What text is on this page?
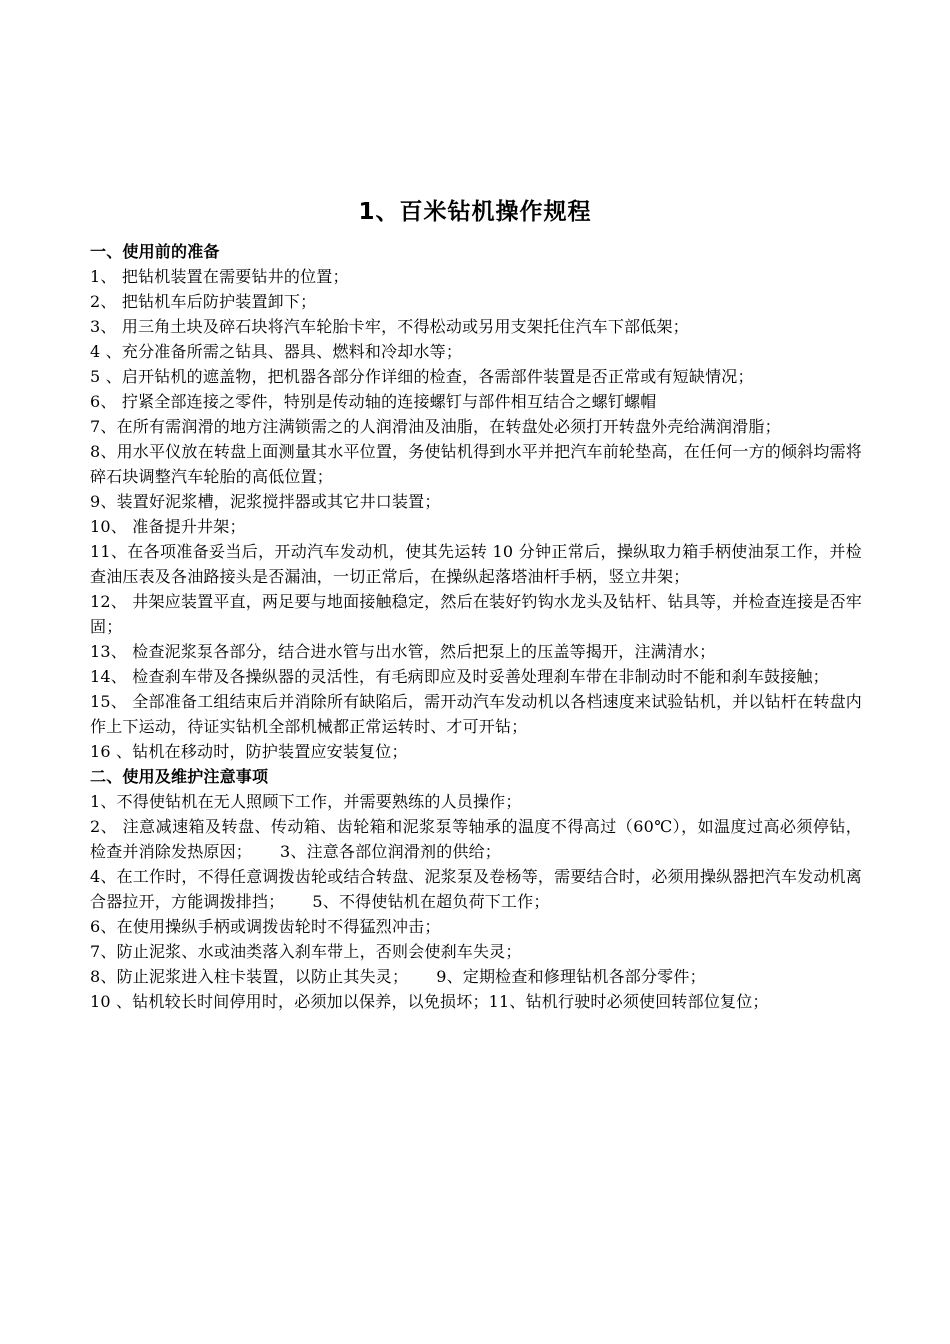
1、百米钻机操作规程

一、使用前的准备

1、 把钻机装置在需要钻井的位置；

2、 把钻机车后防护装置卸下；

3、 用三角土块及碎石块将汽车轮胎卡牢，不得松动或另用支架托住汽车下部低架；

4 、充分准备所需之钻具、器具、燃料和冷却水等；

5 、启开钻机的遮盖物，把机器各部分作详细的检查，各需部件装置是否正常或有短缺情况；

6、 拧紧全部连接之零件，特别是传动轴的连接螺钉与部件相互结合之螺钉螺帽

7、在所有需润滑的地方注满锁需之的人润滑油及油脂，在转盘处必须打开转盘外壳给满润滑脂；

8、用水平仪放在转盘上面测量其水平位置，务使钻机得到水平并把汽车前轮垫高，在任何一方的倾斜均需将碎石块调整汽车轮胎的高低位置；

9、装置好泥浆槽，泥浆搅拌器或其它井口装置；

10、 准备提升井架；

11、在各项准备妥当后，开动汽车发动机，使其先运转 10 分钟正常后，操纵取力箱手柄使油泵工作，并检查油压表及各油路接头是否漏油，一切正常后，在操纵起落塔油杆手柄，竖立井架；

12、 井架应装置平直，两足要与地面接触稳定，然后在装好钓钩水龙头及钻杆、钻具等，并检查连接是否牢固；

13、 检查泥浆泵各部分，结合进水管与出水管，然后把泵上的压盖等揭开，注满清水；

14、 检查刹车带及各操纵器的灵活性，有毛病即应及时妥善处理刹车带在非制动时不能和刹车鼓接触；

15、 全部准备工组结束后并消除所有缺陷后，需开动汽车发动机以各档速度来试验钻机，并以钻杆在转盘内作上下运动，待证实钻机全部机械都正常运转时、才可开钻；

16 、钻机在移动时，防护装置应安装复位；

二、使用及维护注意事项

1、不得使钻机在无人照顾下工作，并需要熟练的人员操作；

2、 注意减速箱及转盘、传动箱、齿轮箱和泥浆泵等轴承的温度不得高过（60℃），如温度过高必须停钻，检查并消除发热原因； 3、注意各部位润滑剂的供给；

4、在工作时，不得任意调拨齿轮或结合转盘、泥浆泵及卷杨等，需要结合时，必须用操纵器把汽车发动机离合器拉开，方能调拨排挡； 5、不得使钻机在超负荷下工作；

6、在使用操纵手柄或调拨齿轮时不得猛烈冲击；

7、防止泥浆、水或油类落入刹车带上，否则会使刹车失灵；

8、防止泥浆进入柱卡装置，以防止其失灵； 9、定期检查和修理钻机各部分零件；

10 、钻机较长时间停用时，必须加以保养，以免损坏；11、钻机行驶时必须使回转部位复位；
